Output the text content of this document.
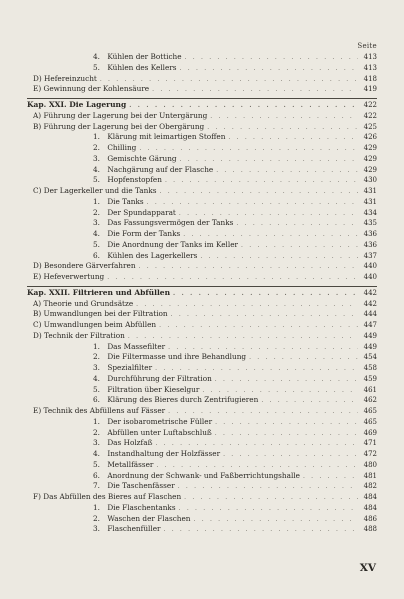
Seite
4. Kühlen der Bottiche . . .	413
5. Kühlen des Kellers . . .	413
D) Hefereinzucht . . .	418
E) Gewinnung der Kohlensäure . . .	419
Kap. XXI. Die Lagerung . . .	422
A) Führung der Lagerung bei der Untergärung . . .	422
B) Führung der Lagerung bei der Obergärung . . .	425
1. Klärung mit leimartigen Stoffen . . .	426
2. Chilling . . .	429
3. Gemischte Gärung . . .	429
4. Nachgärung auf der Flasche . . .	429
5. Hopfenstopfen . . .	430
C) Der Lagerkeller und die Tanks . . .	431
1. Die Tanks . . .	431
2. Der Spundapparat . . .	434
3. Das Fassungsvermögen der Tanks . . .	435
4. Die Form der Tanks . . .	436
5. Die Anordnung der Tanks im Keller . . .	436
6. Kühlen des Lagerkellers . . .	437
D) Besondere Gärverfahren . . .	440
E) Hefeverwertung . . .	440
Kap. XXII. Filtrieren und Abfüllen . . .	442
A) Theorie und Grundsätze . . .	442
B) Umwandlungen bei der Filtration . . .	444
C) Umwandlungen beim Abfüllen . . .	447
D) Technik der Filtration . . .	449
1. Das Massefilter . . .	449
2. Die Filtermasse und ihre Behandlung . . .	454
3. Spezialfilter . . .	458
4. Durchführung der Filtration . . .	459
5. Filtration über Kieselgur . . .	461
6. Klärung des Bieres durch Zentrifugieren . . .	462
E) Technik des Abfüllens auf Fässer . . .	465
1. Der isobarometrische Füller . . .	465
2. Abfüllen unter Luftabschluß . . .	469
3. Das Holzfaß . . .	471
4. Instandhaltung der Holzfässer . . .	472
5. Metallfässer . . .	480
6. Anordnung der Schwank- und Faßberrichtungshalle . . .	481
7. Die Taschenfässer . . .	482
F) Das Abfüllen des Bieres auf Flaschen . . .	484
1. Die Flaschentanks . . .	484
2. Waschen der Flaschen . . .	486
3. Flaschenfüller . . .	488
XV
